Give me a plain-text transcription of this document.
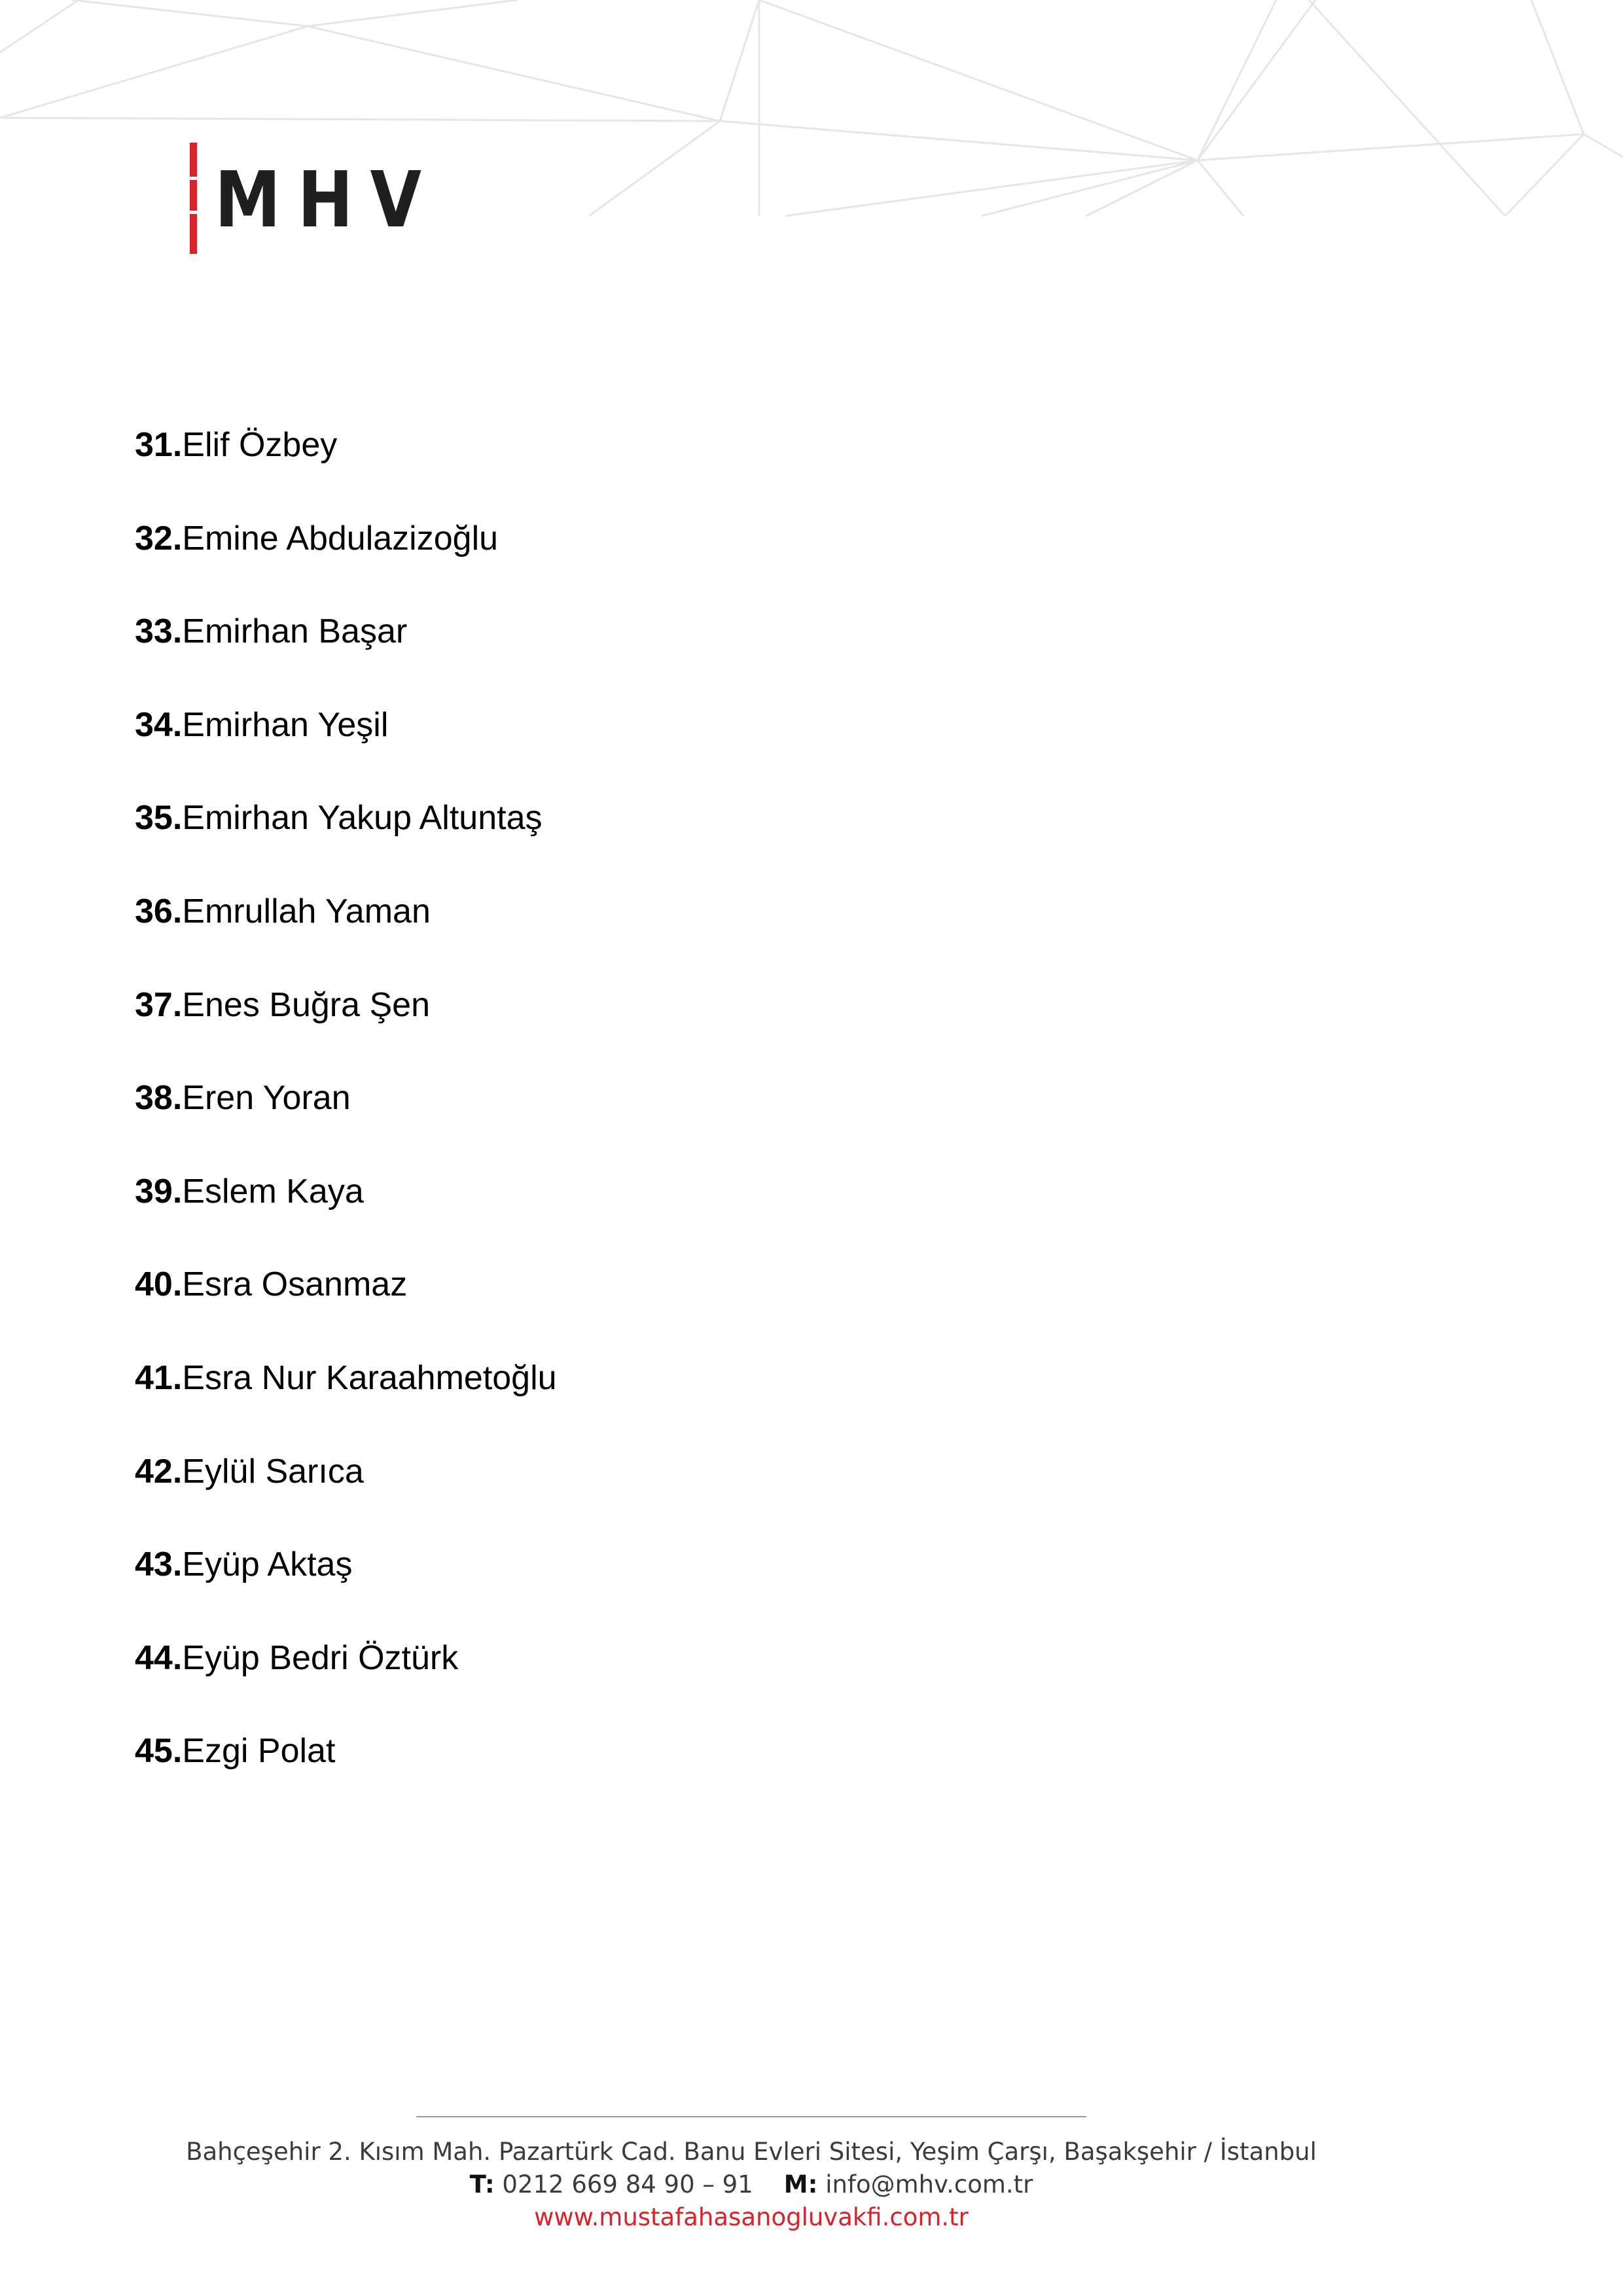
MHV
31.Elif Özbey
32.Emine Abdulazizoğlu
33.Emirhan Başar
34.Emirhan Yeşil
35.Emirhan Yakup Altuntaş
36.Emrullah Yaman
37.Enes Buğra Şen
38.Eren Yoran
39.Eslem Kaya
40.Esra Osanmaz
41.Esra Nur Karaahmetoğlu
42.Eylül Sarıca
43.Eyüp Aktaş
44.Eyüp Bedri Öztürk
45.Ezgi Polat
Bahçeşehir 2. Kısım Mah. Pazartürk Cad. Banu Evleri Sitesi, Yeşim Çarşı, Başakşehir / İstanbul
T: 0212 669 84 90 – 91 M: info@mhv.com.tr
www.mustafahasanogluvakfi.com.tr
